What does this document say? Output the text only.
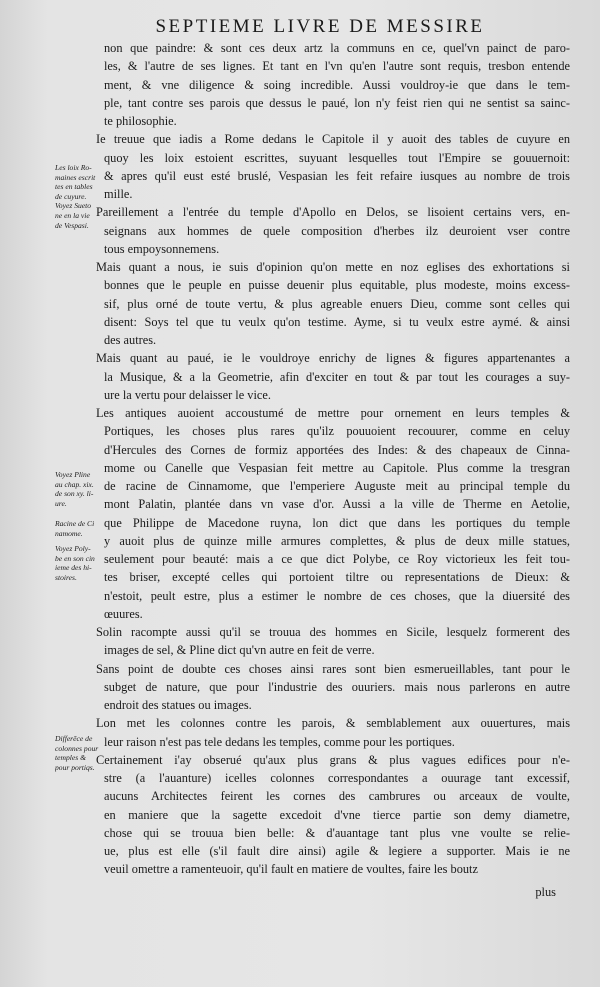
SEPTIEME LIVRE DE MESSIRE
Les loix Ro-
maines escrit
tes en tables
de cuyure.
Voyez Sueto
ne en la vie
de Vespasi.
Voyez Pline
au chap. xix.
de son xy. li-
ure.
Racine de Ci
namome.
Voyez Poly-
be en son cin
ieme des hi-
stoires.
Differēce de
colonnes pour
temples &
pour portiqs.
non que paindre: & sont ces deux artz la communs en ce, quel'vn painct de paro-
les, & l'autre de ses lignes. Et tant en l'vn qu'en l'autre sont requis, tresbon entende
ment, & vne diligence & soing incredible. Aussi vouldroy-ie que dans le tem-
ple, tant contre ses parois que dessus le paué, lon n'y feist rien qui ne sentist sa sainc-
te philosophie.
Ie treuue que iadis a Rome dedans le Capitole il y auoit des tables de cuyure en
quoy les loix estoient escrittes, suyuant lesquelles tout l'Empire se gouuernoit:
& apres qu'il eust esté bruslé, Vespasian les feit refaire iusques au nombre de trois
mille.
Pareillement a l'entrée du temple d'Apollo en Delos, se lisoient certains vers, en-
seignans aux hommes de quele composition d'herbes ilz deuroient vser contre
tous empoysonnemens.
Mais quant a nous, ie suis d'opinion qu'on mette en noz eglises des exhortations si
bonnes que le peuple en puisse deuenir plus equitable, plus modeste, moins excess-
sif, plus orné de toute vertu, & plus agreable enuers Dieu, comme sont celles qui
disent: Soys tel que tu veulx qu'on testime. Ayme, si tu veulx estre aymé. & ainsi
des autres.
Mais quant au paué, ie le vouldroye enrichy de lignes & figures appartenantes a
la Musique, & a la Geometrie, afin d'exciter en tout & par tout les courages a suy-
ure la vertu pour delaisser le vice.
Les antiques auoient accoustumé de mettre pour ornement en leurs temples &
Portiques, les choses plus rares qu'ilz pouuoient recouurer, comme en celuy
d'Hercules des Cornes de formiz apportées des Indes: & des chapeaux de Cinna-
mome ou Canelle que Vespasian feit mettre au Capitole. Plus comme la tresgran
de racine de Cinnamome, que l'emperiere Auguste meit au principal temple du
mont Palatin, plantée dans vn vase d'or. Aussi a la ville de Therme en Aetolie,
que Philippe de Macedone ruyna, lon dict que dans les portiques du temple
y auoit plus de quinze mille armures complettes, & plus de deux mille statues,
seulement pour beauté: mais a ce que dict Polybe, ce Roy victorieux les feit tou-
tes briser, excepté celles qui portoient tiltre ou representations de Dieux: &
n'estoit, peult estre, plus a estimer le nombre de ces choses, que la diuersité des
œuures.
Solin racompte aussi qu'il se trouua des hommes en Sicile, lesquelz formerent des
images de sel, & Pline dict qu'vn autre en feit de verre.
Sans point de doubte ces choses ainsi rares sont bien esmerueillables, tant pour le
subget de nature, que pour l'industrie des ouuriers. mais nous parlerons en autre
endroit des statues ou images.
Lon met les colonnes contre les parois, & semblablement aux ouuertures, mais
leur raison n'est pas tele dedans les temples, comme pour les portiques.
Certainement i'ay obserué qu'aux plus grans & plus vagues edifices pour n'e-
stre (a l'auanture) icelles colonnes correspondantes a ouurage tant excessif,
aucuns Architectes feirent les cornes des cambrures ou arceaux de voulte,
en maniere que la sagette excedoit d'vne tierce partie son demy diametre,
chose qui se trouua bien belle: & d'auantage tant plus vne voulte se relie-
ue, plus est elle (s'il fault dire ainsi) agile & legiere a supporter. Mais ie ne
veuil omettre a ramenteuoir, qu'il fault en matiere de voultes, faire les boutz
plus
